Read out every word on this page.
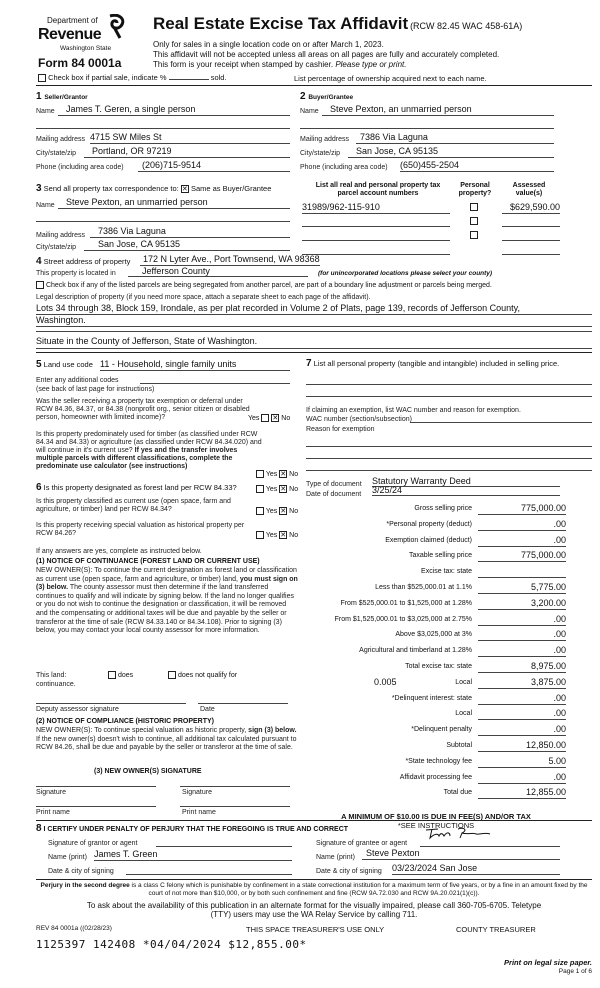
Department of
Revenue
Washington State
Form 84 0001a
Real Estate Excise Tax Affidavit (RCW 82.45 WAC 458-61A)
Only for sales in a single location code on or after March 1, 2023.
This affidavit will not be accepted unless all areas on all pages are fully and accurately completed.
This form is your receipt when stamped by cashier. Please type or print.
Check box if partial sale, indicate %	sold.	List percentage of ownership acquired next to each name.
1 Seller/Grantor
Name	James T. Geren, a single person
Mailing address 4715 SW Miles St
City/state/zip	Portland, OR 97219
Phone (including area code)	(206)715-9514
2 Buyer/Grantee
Name	Steve Pexton, an unmarried person
Mailing address	7386 Via Laguna
City/state/zip	San Jose, CA 95135
Phone (including area code) (650)455-2504
3 Send all property tax correspondence to: ✕ Same as Buyer/Grantee
Name	Steve Pexton, an unmarried person
Mailing address	7386 Via Laguna
City/state/zip	San Jose, CA 95135
List all real and personal property tax parcel account numbers
Personal property?
Assessed value(s)
31989/962-115-910	$629,590.00
4 Street address of property	172 N Lyter Ave., Port Townsend, WA 98368
This property is located in	Jefferson County	(for unincorporated locations please select your county)
Check box if any of the listed parcels are being segregated from another parcel, are part of a boundary line adjustment or parcels being merged.
Legal description of property (if you need more space, attach a separate sheet to each page of the affidavit).
Lots 34 through 38, Block 159, Irondale, as per plat recorded in Volume 2 of Plats, page 139, records of Jefferson County,
Washington.
Situate in the County of Jefferson, State of Washington.
5 Land use code 11 - Household, single family units
Enter any additional codes
(see back of last page for instructions)
Was the seller receiving a property tax exemption or deferral under RCW 84.36, 84.37, or 84.38 (nonprofit org., senior citizen or disabled person, homeowner with limited income)?	Yes ✕ No
Is this property predominately used for timber (as classified under RCW 84.34 and 84.33) or agriculture (as classified under RCW 84.34.020) and will continue in it's current use? If yes and the transfer involves multiple parcels with different classifications, complete the predominate use calculator (see instructions)
Yes ✕ No
6 Is this property designated as forest land per RCW 84.33?	Yes ✕ No
Is this property classified as current use (open space, farm and agriculture, or timber) land per RCW 84.34?	Yes ✕ No
Is this property receiving special valuation as historical property per RCW 84.26?	Yes ✕ No
If any answers are yes, complete as instructed below.
(1) NOTICE OF CONTINUANCE (FOREST LAND OR CURRENT USE)
NEW OWNER(S): To continue the current designation as forest land or classification as current use (open space, farm and agriculture, or timber) land, you must sign on (3) below. The county assessor must then determine if the land transferred continues to qualify and will indicate by signing below. If the land no longer qualifies or you do not wish to continue the designation or classification, it will be removed and the compensating or additional taxes will be due and payable by the seller or transferor at the time of sale (RCW 84.33.140 or 84.34.108). Prior to signing (3) below, you may contact your local county assessor for more information.
This land:	does	does not qualify for
continuance.
Deputy assessor signature	Date
(2) NOTICE OF COMPLIANCE (HISTORIC PROPERTY)
NEW OWNER(S): To continue special valuation as historic property, sign (3) below. If the new owner(s) doesn't wish to continue, all additional tax calculated pursuant to RCW 84.26, shall be due and payable by the seller or transferor at the time of sale.
(3) NEW OWNER(S) SIGNATURE
Signature	Signature
Print name	Print name
7 List all personal property (tangible and intangible) included in selling price.
If claiming an exemption, list WAC number and reason for exemption.
WAC number (section/subsection)
Reason for exemption
Type of document Statutory Warranty Deed
Date of document 3/25/24
Gross selling price	775,000.00
*Personal property (deduct)	.00
Exemption claimed (deduct)	.00
Taxable selling price	775,000.00
Excise tax: state
Less than $525,000.01 at 1.1%	5,775.00
From $525,000.01 to $1,525,000 at 1.28%	3,200.00
From $1,525,000.01 to $3,025,000 at 2.75%	.00
Above $3,025,000 at 3%	.00
Agricultural and timberland at 1.28%	.00
Total excise tax: state	8,975.00
0.005	Local	3,875.00
*Delinquent interest: state	.00
Local	.00
*Delinquent penalty	.00
Subtotal	12,850.00
*State technology fee	5.00
Affidavit processing fee	.00
Total due	12,855.00
A MINIMUM OF $10.00 IS DUE IN FEE(S) AND/OR TAX
*SEE INSTRUCTIONS
8 I CERTIFY UNDER PENALTY OF PERJURY THAT THE FOREGOING IS TRUE AND CORRECT
Signature of grantor or agent
Name (print) James T. Green
Date & city of signing
Signature of grantee or agent
Name (print)	Steve Pexton
Date & city of signing 03/23/2024 San Jose
Perjury in the second degree is a class C felony which is punishable by confinement in a state correctional institution for a maximum term of five years, or by a fine in an amount fixed by the court of not more than $10,000, or by both such confinement and fine (RCW 9A.72.030 and RCW 9A.20.021(1)(c)).
To ask about the availability of this publication in an alternate format for the visually impaired, please call 360-705-6705. Teletype
(TTY) users may use the WA Relay Service by calling 711.
REV 84 0001a ((02/28/23)	THIS SPACE TREASURER'S USE ONLY	COUNTY TREASURER
1125397 142408 *04/04/2024 $12,855.00*
Print on legal size paper.
Page 1 of 6
